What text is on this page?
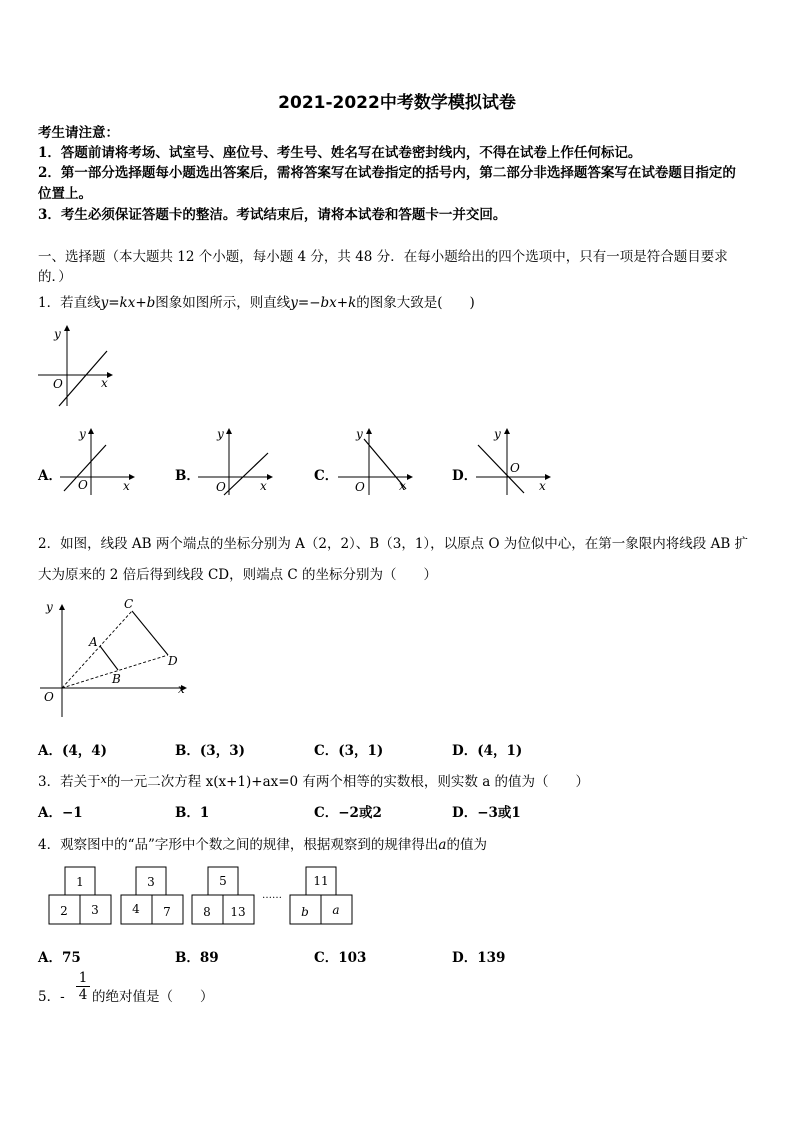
2021-2022中考数学模拟试卷
考生请注意：
1．答题前请将考场、试室号、座位号、考生号、姓名写在试卷密封线内，不得在试卷上作任何标记。
2．第一部分选择题每小题选出答案后，需将答案写在试卷指定的括号内，第二部分非选择题答案写在试卷题目指定的
位置上。
3．考生必须保证答题卡的整洁。考试结束后，请将本试卷和答题卡一并交回。
一、选择题（本大题共 12 个小题，每小题 4 分，共 48 分．在每小题给出的四个选项中，只有一项是符合题目要求
的．）
1．若直线y=kx+b图象如图所示，则直线y=−bx+k的图象大致是(　　)
y
x
O
A．
y
x
O
B．
y
x
O
C．
y
x
O
D．
y
x
O
2．如图，线段 AB 两个端点的坐标分别为 A（2，2）、B（3，1），以原点 O 为位似中心，在第一象限内将线段 AB 扩
大为原来的 2 倍后得到线段 CD，则端点 C 的坐标分别为（　　）
y
x
O
A
B
C
D
A．(4，4)	B．(3，3)	C．(3，1)	D．(4，1)
3．若关于$^x$的一元二次方程 x(x+1)+ax=0 有两个相等的实数根，则实数 a 的值为（　　）
A．−1	B．1	C．−2或2	D．−3或1
4．观察图中的“品”字形中个数之间的规律，根据观察到的规律得出a的值为
1
2 3
3
4 7
5
8 13
……
11
b a
A．75	B．89	C．103	D．139
5．- $\frac{1}{4}$ 的绝对值是（　　）
